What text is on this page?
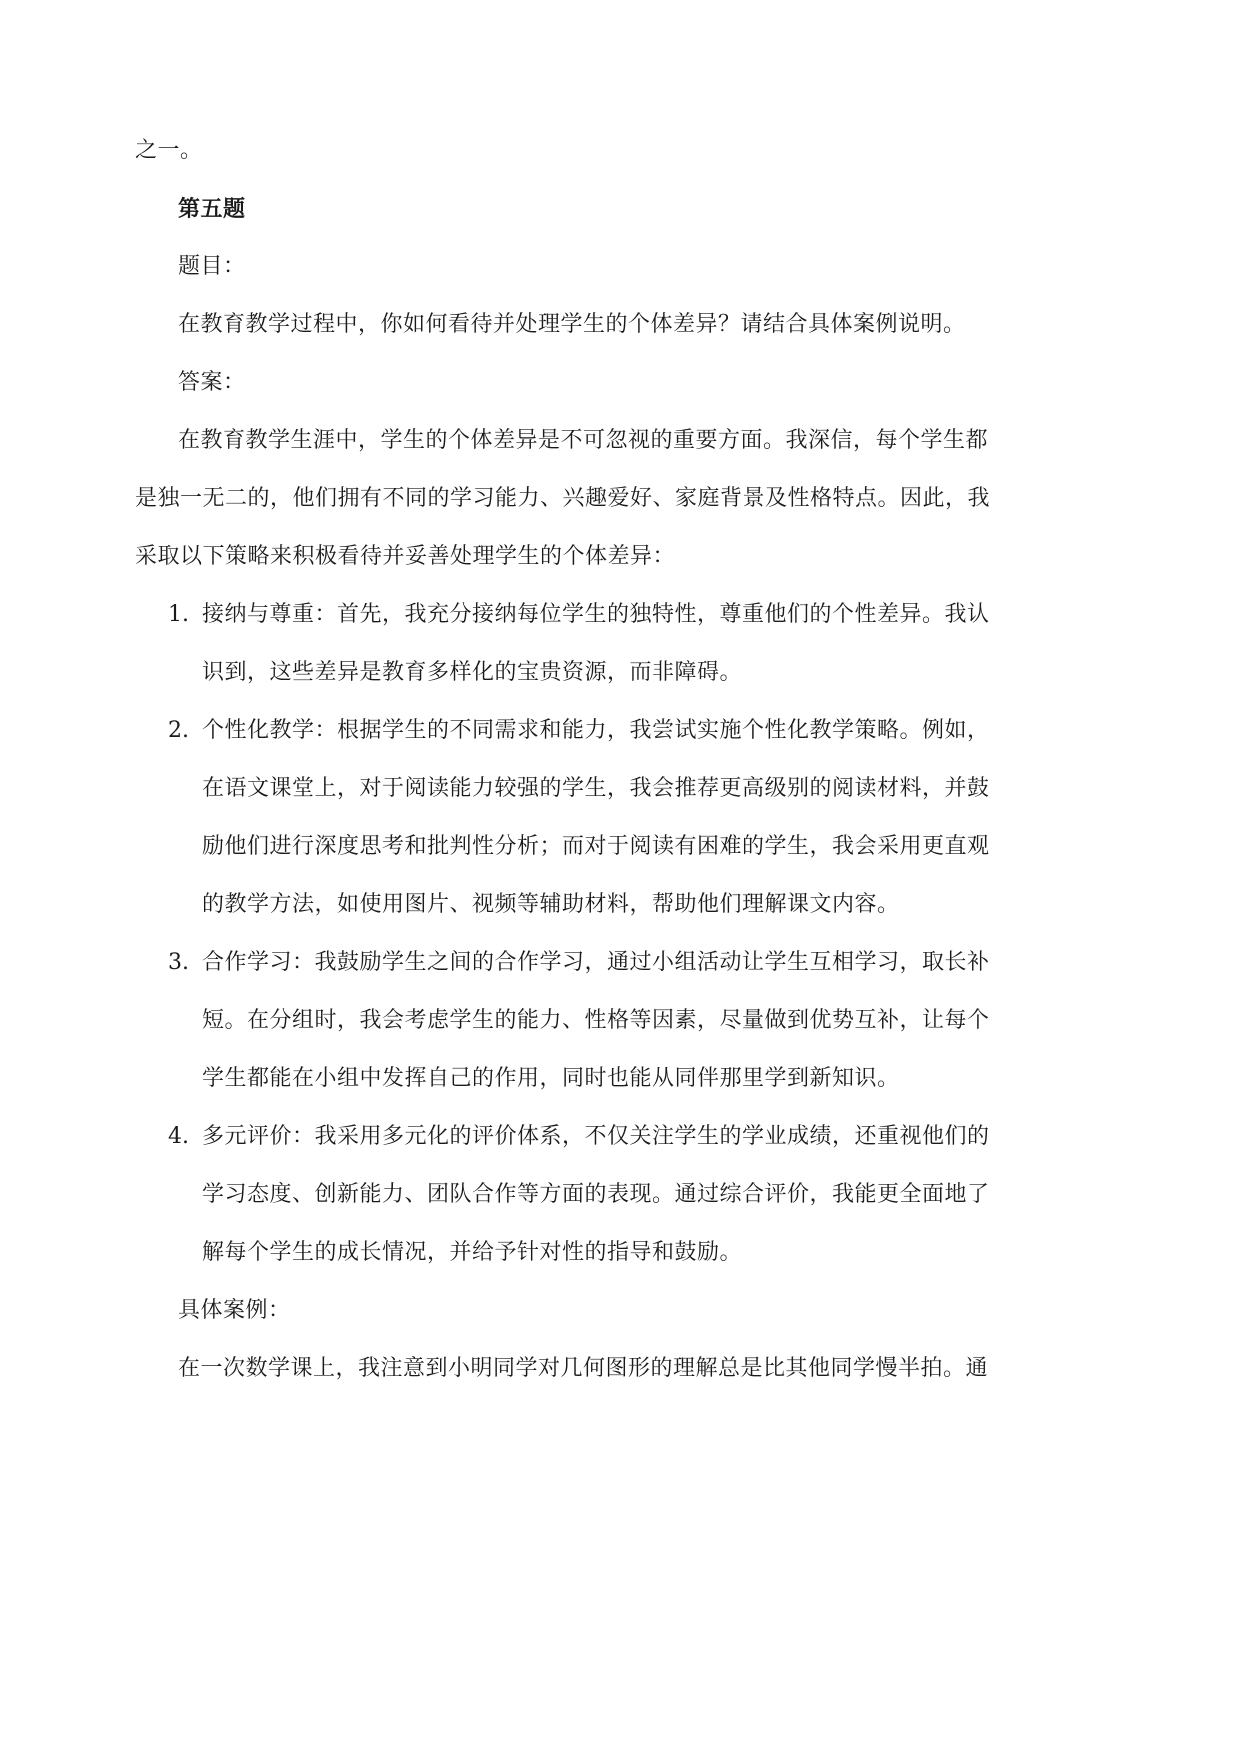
之一。
第五题
题目：
在教育教学过程中，你如何看待并处理学生的个体差异？请结合具体案例说明。
答案：
在教育教学生涯中，学生的个体差异是不可忽视的重要方面。我深信，每个学生都
是独一无二的，他们拥有不同的学习能力、兴趣爱好、家庭背景及性格特点。因此，我
采取以下策略来积极看待并妥善处理学生的个体差异：
1. 接纳与尊重：首先，我充分接纳每位学生的独特性，尊重他们的个性差异。我认
识到，这些差异是教育多样化的宝贵资源，而非障碍。
2. 个性化教学：根据学生的不同需求和能力，我尝试实施个性化教学策略。例如，
在语文课堂上，对于阅读能力较强的学生，我会推荐更高级别的阅读材料，并鼓
励他们进行深度思考和批判性分析；而对于阅读有困难的学生，我会采用更直观
的教学方法，如使用图片、视频等辅助材料，帮助他们理解课文内容。
3. 合作学习：我鼓励学生之间的合作学习，通过小组活动让学生互相学习，取长补
短。在分组时，我会考虑学生的能力、性格等因素，尽量做到优势互补，让每个
学生都能在小组中发挥自己的作用，同时也能从同伴那里学到新知识。
4. 多元评价：我采用多元化的评价体系，不仅关注学生的学业成绩，还重视他们的
学习态度、创新能力、团队合作等方面的表现。通过综合评价，我能更全面地了
解每个学生的成长情况，并给予针对性的指导和鼓励。
具体案例：
在一次数学课上，我注意到小明同学对几何图形的理解总是比其他同学慢半拍。通
